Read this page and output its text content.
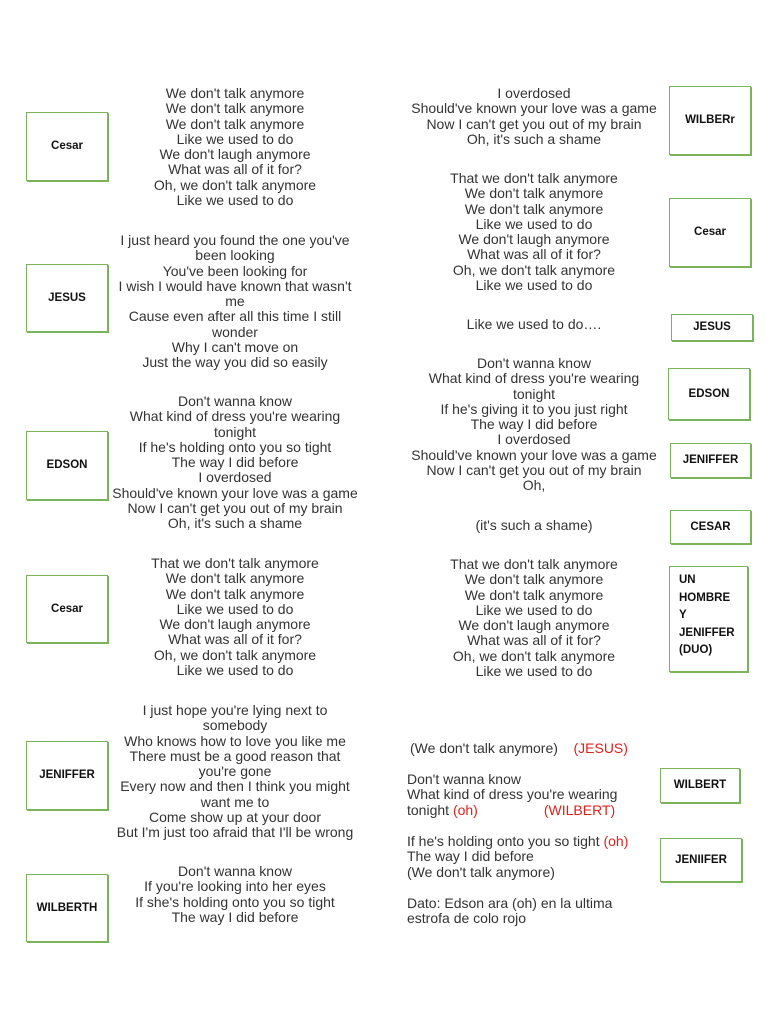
We don't talk anymore
We don't talk anymore
We don't talk anymore
Like we used to do
We don't laugh anymore
What was all of it for?
Oh, we don't talk anymore
Like we used to do
I just heard you found the one you've
been looking
You've been looking for
I wish I would have known that wasn't
me
Cause even after all this time I still
wonder
Why I can't move on
Just the way you did so easily
Don't wanna know
What kind of dress you're wearing
tonight
If he's holding onto you so tight
The way I did before
I overdosed
Should've known your love was a game
Now I can't get you out of my brain
Oh, it's such a shame
That we don't talk anymore
We don't talk anymore
We don't talk anymore
Like we used to do
We don't laugh anymore
What was all of it for?
Oh, we don't talk anymore
Like we used to do
I just hope you're lying next to
somebody
Who knows how to love you like me
There must be a good reason that
you're gone
Every now and then I think you might
want me to
Come show up at your door
But I'm just too afraid that I'll be wrong
Don't wanna know
If you're looking into her eyes
If she's holding onto you so tight
The way I did before
I overdosed
Should've known your love was a game
Now I can't get you out of my brain
Oh, it's such a shame
That we don't talk anymore
We don't talk anymore
We don't talk anymore
Like we used to do
We don't laugh anymore
What was all of it for?
Oh, we don't talk anymore
Like we used to do
Like we used to do….
Don't wanna know
What kind of dress you're wearing
tonight
If he's giving it to you just right
The way I did before
I overdosed
Should've known your love was a game
Now I can't get you out of my brain
Oh,
(it's such a shame)
That we don't talk anymore
We don't talk anymore
We don't talk anymore
Like we used to do
We don't laugh anymore
What was all of it for?
Oh, we don't talk anymore
Like we used to do
(We don't talk anymore) (JESUS)
Don't wanna know
What kind of dress you're wearing
tonight (oh)	(WILBERT)
If he's holding onto you so tight (oh)
The way I did before
(We don't talk anymore)
Dato: Edson ara (oh) en la ultima
estrofa de colo rojo
Cesar
JESUS
EDSON
Cesar
JENIFFER
WILBERTH
WILBERr
Cesar
JESUS
EDSON
JENIFFER
CESAR
UN
HOMBRE
Y
JENIFFER
(DUO)
WILBERT
JENIIFER
